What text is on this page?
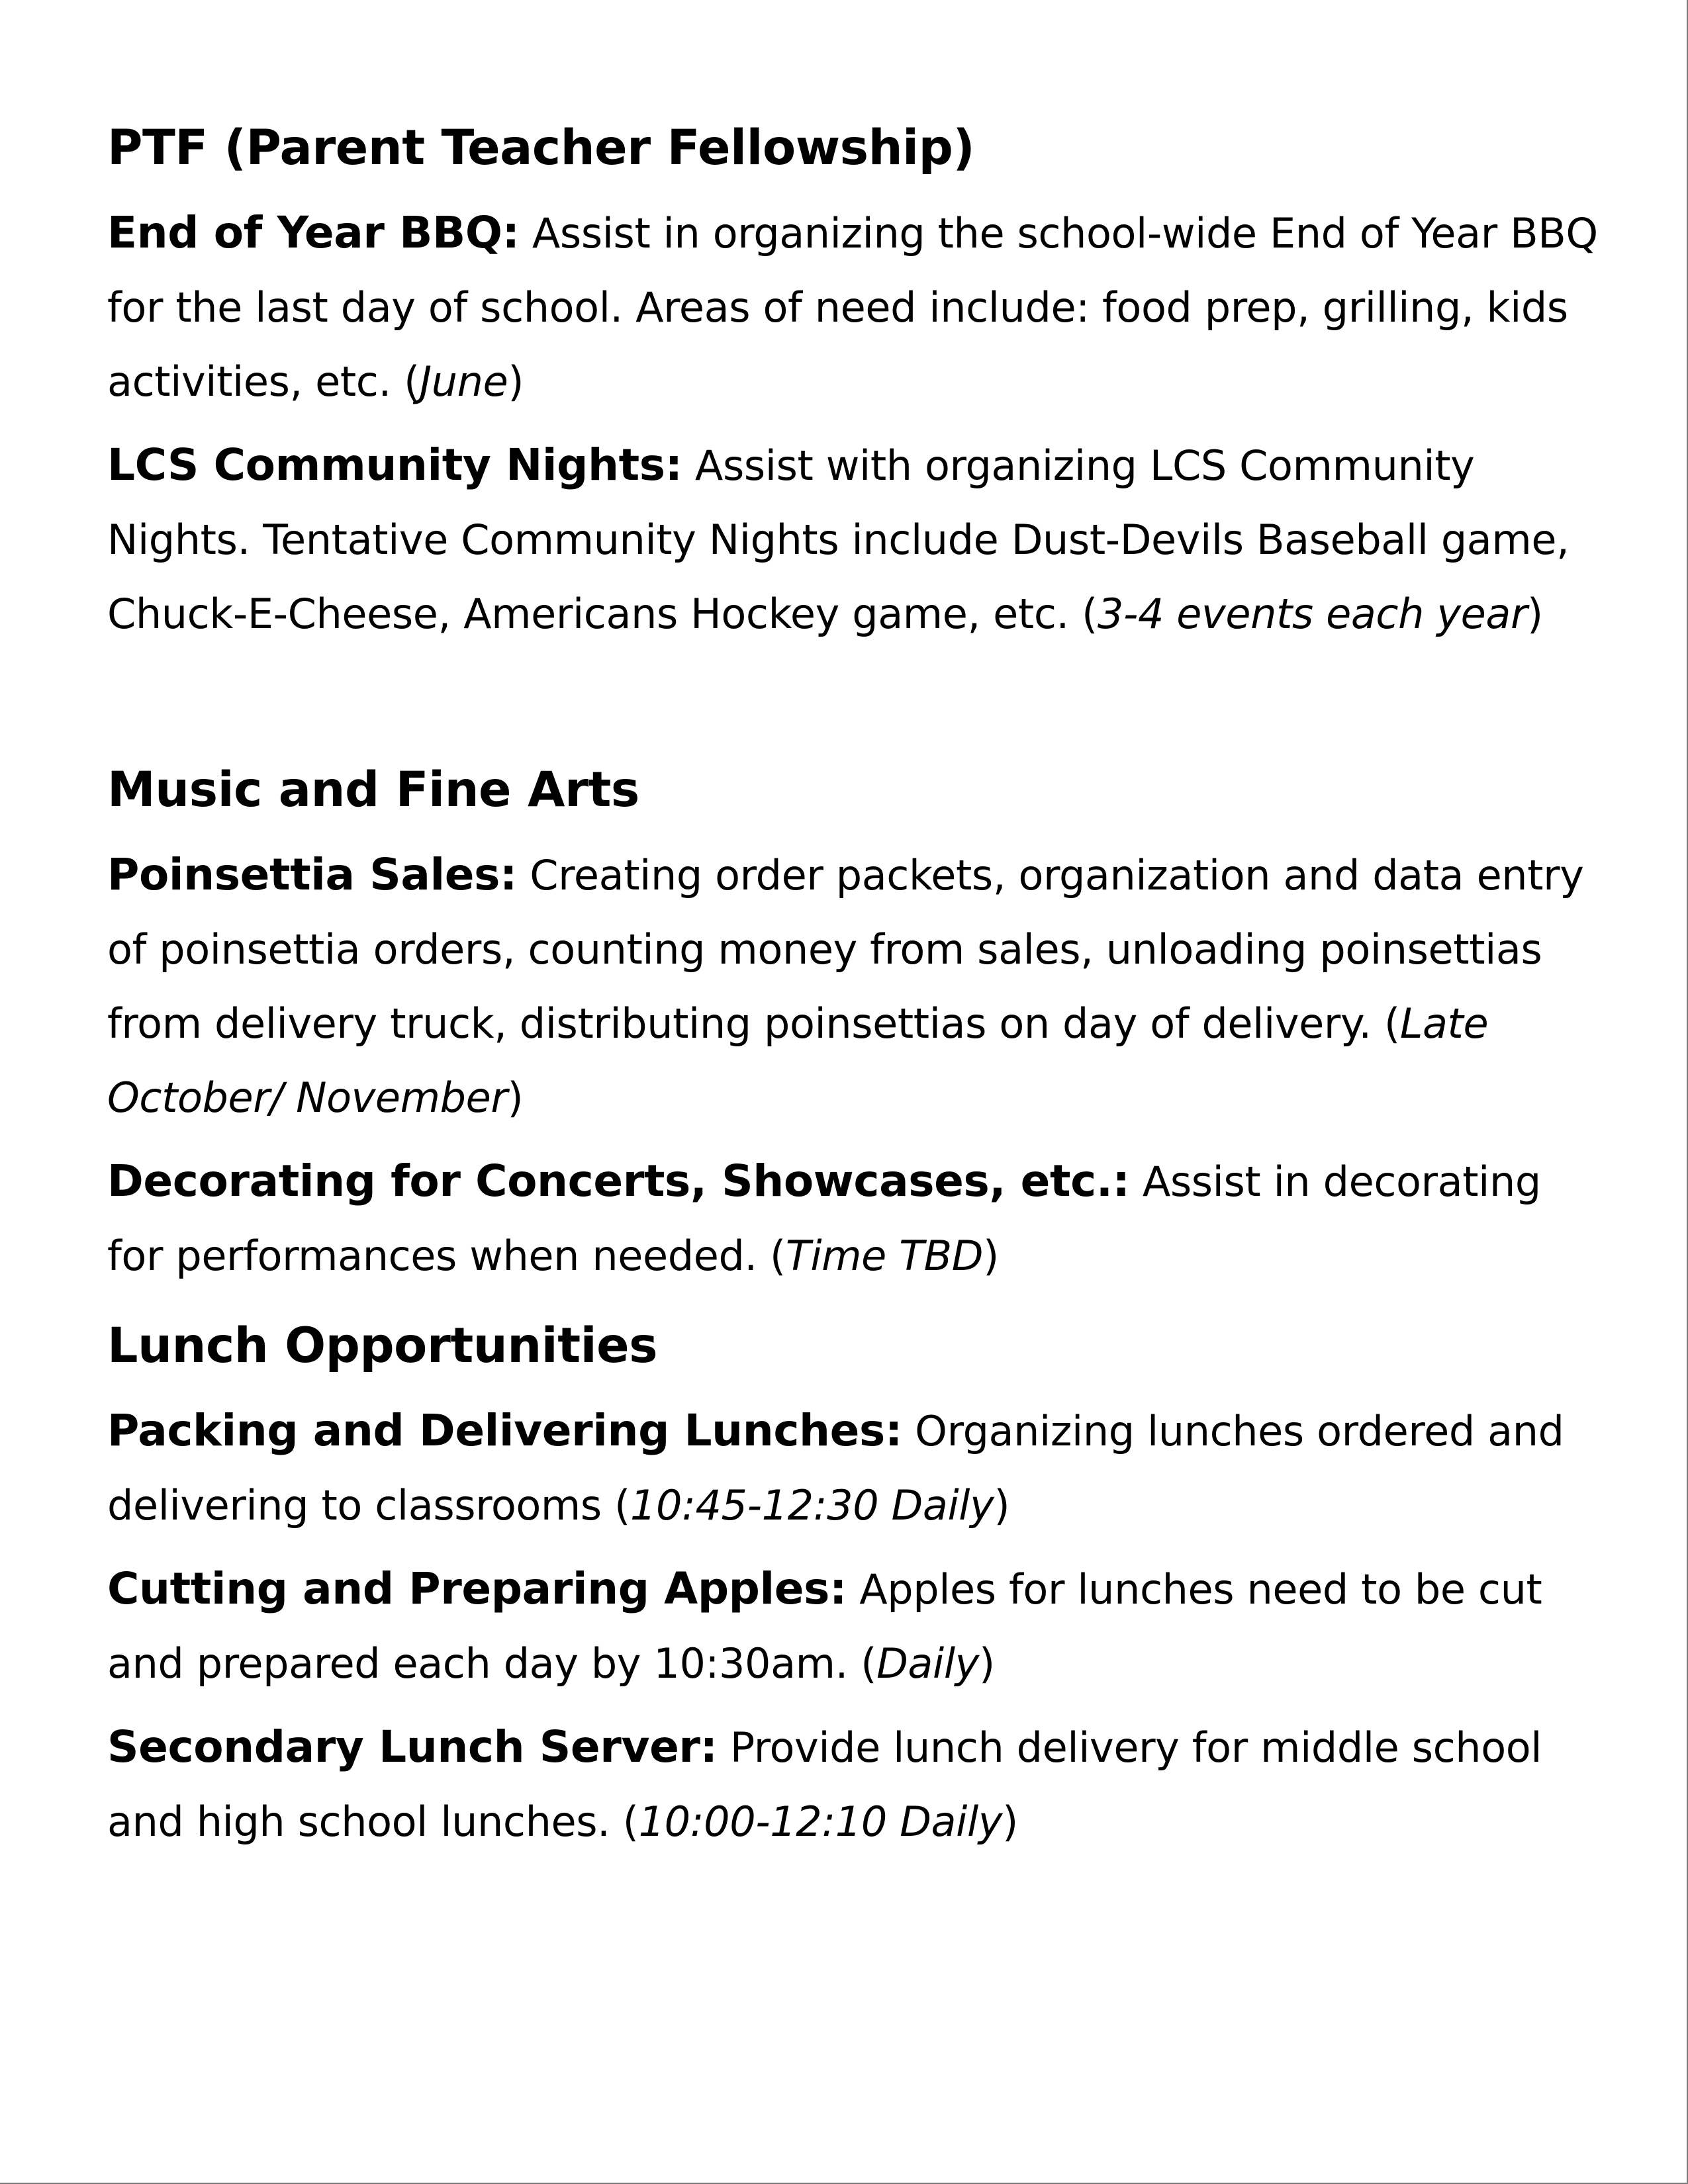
PTF (Parent Teacher Fellowship)

End of Year BBQ: Assist in organizing the school-wide End of Year BBQ for the last day of school. Areas of need include: food prep, grilling, kids activities, etc. (June)

LCS Community Nights: Assist with organizing LCS Community Nights. Tentative Community Nights include Dust-Devils Baseball game, Chuck-E-Cheese, Americans Hockey game, etc. (3-4 events each year)

Music and Fine Arts

Poinsettia Sales: Creating order packets, organization and data entry of poinsettia orders, counting money from sales, unloading poinsettias from delivery truck, distributing poinsettias on day of delivery. (Late October/ November)

Decorating for Concerts, Showcases, etc.: Assist in decorating for performances when needed. (Time TBD)

Lunch Opportunities

Packing and Delivering Lunches: Organizing lunches ordered and delivering to classrooms (10:45-12:30 Daily)

Cutting and Preparing Apples: Apples for lunches need to be cut and prepared each day by 10:30am. (Daily)

Secondary Lunch Server: Provide lunch delivery for middle school and high school lunches. (10:00-12:10 Daily)
